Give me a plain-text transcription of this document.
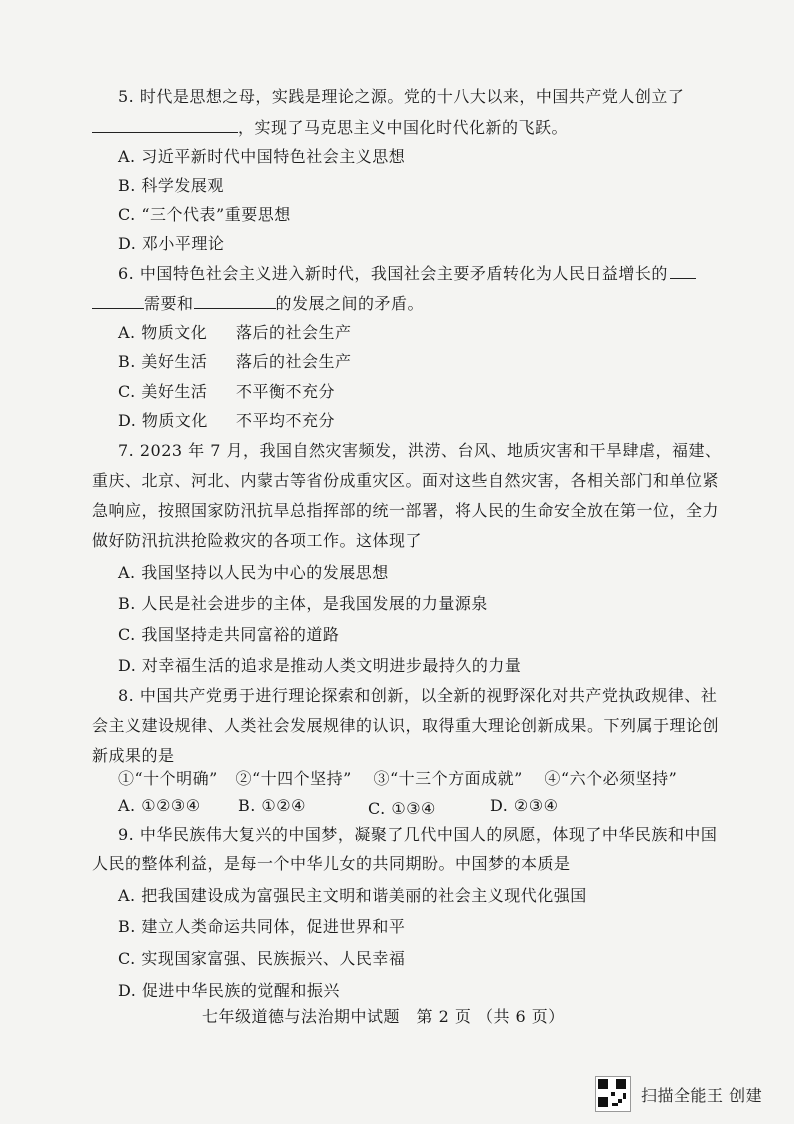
5. 时代是思想之母，实践是理论之源。党的十八大以来，中国共产党人创立了
，实现了马克思主义中国化时代化新的飞跃。
A. 习近平新时代中国特色社会主义思想
B. 科学发展观
C. “三个代表”重要思想
D. 邓小平理论
6. 中国特色社会主义进入新时代，我国社会主要矛盾转化为人民日益增长的
需要和	的发展之间的矛盾。
A. 物质文化 落后的社会生产
B. 美好生活 落后的社会生产
C. 美好生活 不平衡不充分
D. 物质文化 不平均不充分
7. 2023 年 7 月，我国自然灾害频发，洪涝、台风、地质灾害和干旱肆虐，福建、
重庆、北京、河北、内蒙古等省份成重灾区。面对这些自然灾害，各相关部门和单位紧
急响应，按照国家防汛抗旱总指挥部的统一部署，将人民的生命安全放在第一位，全力
做好防汛抗洪抢险救灾的各项工作。这体现了
A. 我国坚持以人民为中心的发展思想
B. 人民是社会进步的主体，是我国发展的力量源泉
C. 我国坚持走共同富裕的道路
D. 对幸福生活的追求是推动人类文明进步最持久的力量
8. 中国共产党勇于进行理论探索和创新，以全新的视野深化对共产党执政规律、社
会主义建设规律、人类社会发展规律的认识，取得重大理论创新成果。下列属于理论创
新成果的是
①“十个明确” ②“十四个坚持” ③“十三个方面成就” ④“六个必须坚持”
A. ①②③④ B. ①②④	C. ①③④	D. ②③④
9. 中华民族伟大复兴的中国梦，凝聚了几代中国人的夙愿，体现了中华民族和中国
人民的整体利益，是每一个中华儿女的共同期盼。中国梦的本质是
A. 把我国建设成为富强民主文明和谐美丽的社会主义现代化强国
B. 建立人类命运共同体，促进世界和平
C. 实现国家富强、民族振兴、人民幸福
D. 促进中华民族的觉醒和振兴
七年级道德与法治期中试题　第 2 页 （共 6 页）
扫描全能王 创建
